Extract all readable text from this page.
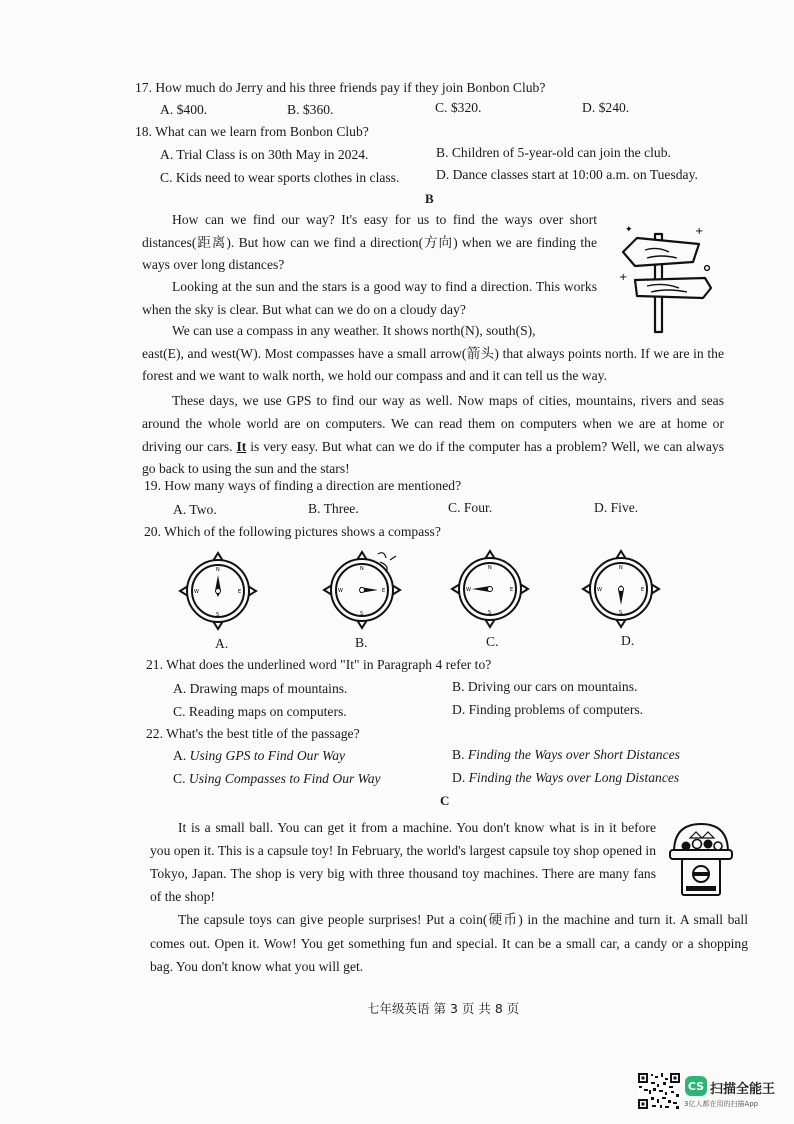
17. How much do Jerry and his three friends pay if they join Bonbon Club?
A. $400.	B. $360.	C. $320.	D. $240.
18. What can we learn from Bonbon Club?
A. Trial Class is on 30th May in 2024.	B. Children of 5-year-old can join the club.
C. Kids need to wear sports clothes in class.	D. Dance classes start at 10:00 a.m. on Tuesday.
B

How can we find our way? It's easy for us to find the ways over short distances(距离). But how can we find a direction(方向) when we are finding the ways over long distances?

Looking at the sun and the stars is a good way to find a direction. This works when the sky is clear. But what can we do on a cloudy day?

We can use a compass in any weather. It shows north(N), south(S),
east(E), and west(W). Most compasses have a small arrow(箭头) that always points north. If we are in the forest and we want to walk north, we hold our compass and and it can tell us the way.

These days, we use GPS to find our way as well. Now maps of cities, mountains, rivers and seas around the whole world are on computers. We can read them on computers when we are at home or driving our cars. It is very easy. But what can we do if the computer has a problem? Well, we can always go back to using the sun and the stars!

✦	+
+
19. How many ways of finding a direction are mentioned?
A. Two.	B. Three.	C. Four.	D. Five.
20. Which of the following pictures shows a compass?
N
S
E
W
N
S
E
W
N
S
E
W
N
S
E
W
A.	B.	C.	D.
21. What does the underlined word "It" in Paragraph 4 refer to?
A. Drawing maps of mountains.	B. Driving our cars on mountains.
C. Reading maps on computers.	D. Finding problems of computers.
22. What's the best title of the passage?
A. Using GPS to Find Our Way	B. Finding the Ways over Short Distances
C. Using Compasses to Find Our Way	D. Finding the Ways over Long Distances
C

It is a small ball. You can get it from a machine. You don't know what is in it before you open it. This is a capsule toy! In February, the world's largest capsule toy shop opened in Tokyo, Japan. The shop is very big with three thousand toy machines. There are many fans of the shop!

The capsule toys can give people surprises! Put a coin(硬币) in the machine and turn it. A small ball comes out. Open it. Wow! You get something fun and special. It can be a small car, a candy or a shopping bag. You don't know what you will get.

七年级英语 第 3 页 共 8 页
CS 扫描全能王
3亿人都在用的扫描App
